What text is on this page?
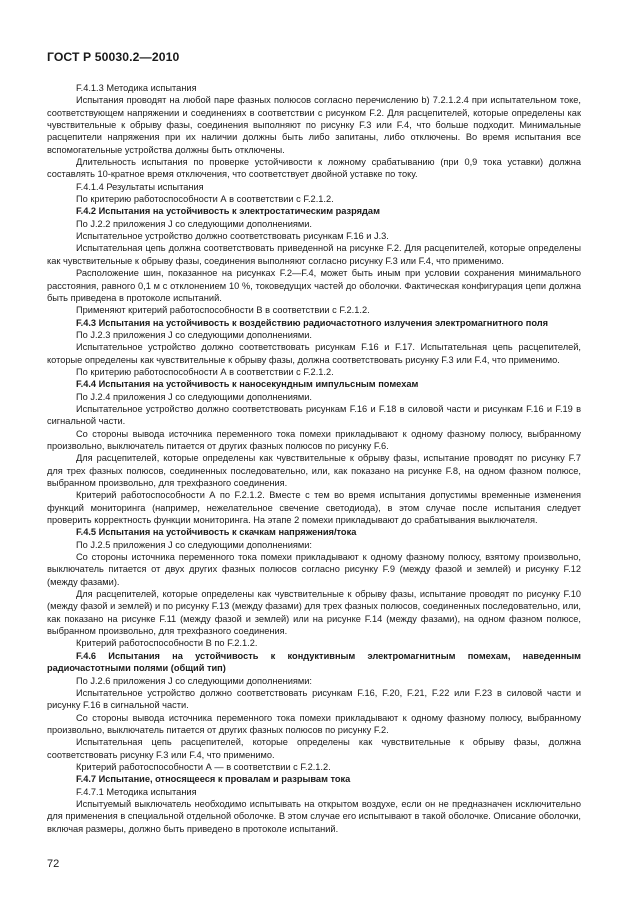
ГОСТ Р 50030.2—2010

F.4.1.3 Методика испытания

Испытания проводят на любой паре фазных полюсов согласно перечислению b) 7.2.1.2.4 при испытательном токе, соответствующем напряжении и соединениях в соответствии с рисунком F.2. Для расцепителей, которые определены как чувствительные к обрыву фазы, соединения выполняют по рисунку F.3 или F.4, что больше подходит. Минимальные расцепители напряжения при их наличии должны быть либо запитаны, либо отключены. Во время испытания все вспомогательные устройства должны быть отключены.

Длительность испытания по проверке устойчивости к ложному срабатыванию (при 0,9 тока уставки) должна составлять 10-кратное время отключения, что соответствует двойной уставке по току.

F.4.1.4 Результаты испытания

По критерию работоспособности А в соответствии с F.2.1.2.

F.4.2 Испытания на устойчивость к электростатическим разрядам

По J.2.2 приложения J со следующими дополнениями.

Испытательное устройство должно соответствовать рисункам F.16 и J.3.

Испытательная цепь должна соответствовать приведенной на рисунке F.2. Для расцепителей, которые определены как чувствительные к обрыву фазы, соединения выполняют согласно рисунку F.3 или F.4, что применимо.

Расположение шин, показанное на рисунках F.2—F.4, может быть иным при условии сохранения минимального расстояния, равного 0,1 м с отклонением 10 %, токоведущих частей до оболочки. Фактическая конфигурация цепи должна быть приведена в протоколе испытаний.

Применяют критерий работоспособности В в соответствии с F.2.1.2.

F.4.3 Испытания на устойчивость к воздействию радиочастотного излучения электромагнитного поля

По J.2.3 приложения J со следующими дополнениями.

Испытательное устройство должно соответствовать рисункам F.16 и F.17. Испытательная цепь расцепителей, которые определены как чувствительные к обрыву фазы, должна соответствовать рисунку F.3 или F.4, что применимо.

По критерию работоспособности А в соответствии с F.2.1.2.

F.4.4 Испытания на устойчивость к наносекундным импульсным помехам

По J.2.4 приложения J со следующими дополнениями.

Испытательное устройство должно соответствовать рисункам F.16 и F.18 в силовой части и рисункам F.16 и F.19 в сигнальной части.

Со стороны вывода источника переменного тока помехи прикладывают к одному фазному полюсу, выбранному произвольно, выключатель питается от других фазных полюсов по рисунку F.6.

Для расцепителей, которые определены как чувствительные к обрыву фазы, испытание проводят по рисунку F.7 для трех фазных полюсов, соединенных последовательно, или, как показано на рисунке F.8, на одном фазном полюсе, выбранном произвольно, для трехфазного соединения.

Критерий работоспособности А по F.2.1.2. Вместе с тем во время испытания допустимы временные изменения функций мониторинга (например, нежелательное свечение светодиода), в этом случае после испытания следует проверить корректность функции мониторинга. На этапе 2 помехи прикладывают до срабатывания выключателя.

F.4.5 Испытания на устойчивость к скачкам напряжения/тока

По J.2.5 приложения J со следующими дополнениями:

Со стороны источника переменного тока помехи прикладывают к одному фазному полюсу, взятому произвольно, выключатель питается от двух других фазных полюсов согласно рисунку F.9 (между фазой и землей) и рисунку F.12 (между фазами).

Для расцепителей, которые определены как чувствительные к обрыву фазы, испытание проводят по рисунку F.10 (между фазой и землей) и по рисунку F.13 (между фазами) для трех фазных полюсов, соединенных последовательно, или, как показано на рисунке F.11 (между фазой и землей) или на рисунке F.14 (между фазами), на одном фазном полюсе, выбранном произвольно, для трехфазного соединения.

Критерий работоспособности В по F.2.1.2.

F.4.6 Испытания на устойчивость к кондуктивным электромагнитным помехам, наведенным радиочастотными полями (общий тип)

По J.2.6 приложения J со следующими дополнениями:

Испытательное устройство должно соответствовать рисункам F.16, F.20, F.21, F.22 или F.23 в силовой части и рисунку F.16 в сигнальной части.

Со стороны вывода источника переменного тока помехи прикладывают к одному фазному полюсу, выбранному произвольно, выключатель питается от других фазных полюсов по рисунку F.2.

Испытательная цепь расцепителей, которые определены как чувствительные к обрыву фазы, должна соответствовать рисунку F.3 или F.4, что применимо.

Критерий работоспособности А — в соответствии с F.2.1.2.

F.4.7 Испытание, относящееся к провалам и разрывам тока

F.4.7.1 Методика испытания

Испытуемый выключатель необходимо испытывать на открытом воздухе, если он не предназначен исключительно для применения в специальной отдельной оболочке. В этом случае его испытывают в такой оболочке. Описание оболочки, включая размеры, должно быть приведено в протоколе испытаний.

72
